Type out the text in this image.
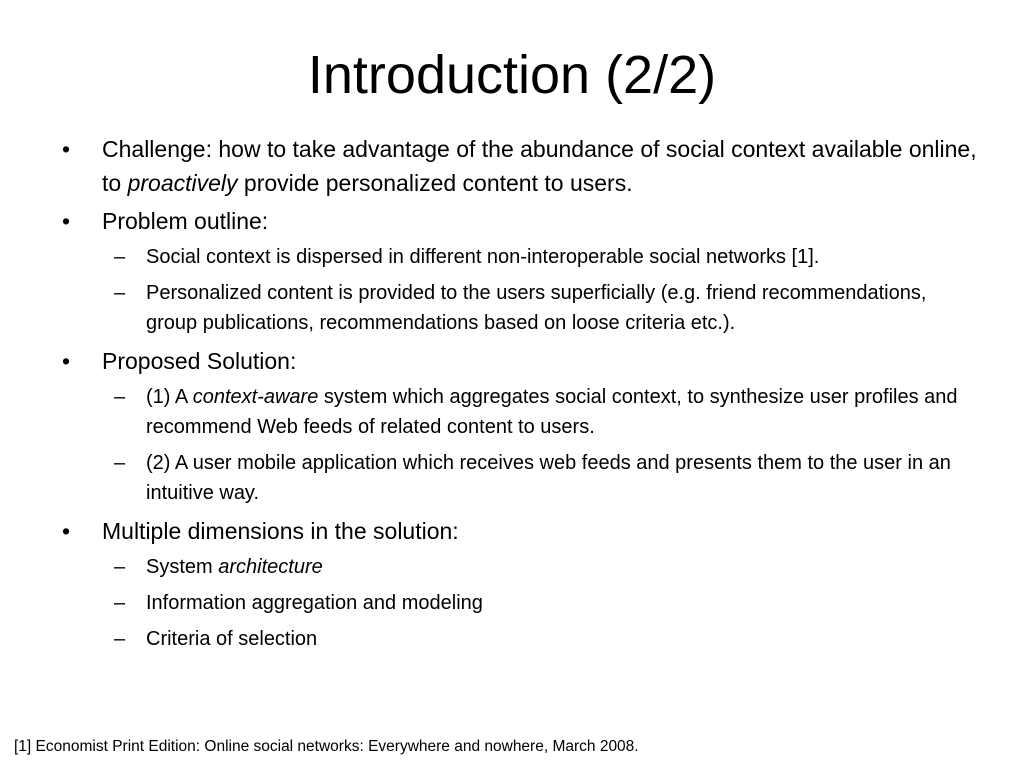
Introduction (2/2)
• Challenge: how to take advantage of the abundance of social context available online, to proactively provide personalized content to users.
• Problem outline:
– Social context is dispersed in different non-interoperable social networks [1].
– Personalized content is provided to the users superficially (e.g. friend recommendations, group publications, recommendations based on loose criteria etc.).
• Proposed Solution:
– (1) A context-aware system which aggregates social context, to synthesize user profiles and recommend Web feeds of related content to users.
– (2) A user mobile application which receives web feeds and presents them to the user in an intuitive way.
• Multiple dimensions in the solution:
– System architecture
– Information aggregation and modeling
– Criteria of selection
[1] Economist Print Edition: Online social networks: Everywhere and nowhere, March 2008.
